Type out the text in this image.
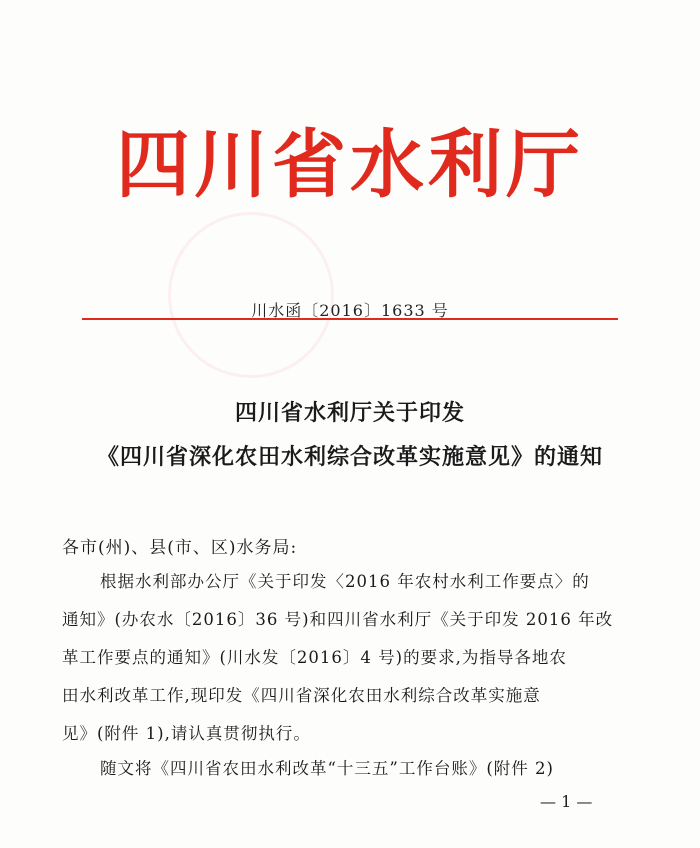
四川省水利厅
川水函〔2016〕1633 号
四川省水利厅关于印发
《四川省深化农田水利综合改革实施意见》的通知
各市(州)、县(市、区)水务局:

根据水利部办公厅《关于印发〈2016 年农村水利工作要点〉的

通知》(办农水〔2016〕36 号)和四川省水利厅《关于印发 2016 年改

革工作要点的通知》(川水发〔2016〕4 号)的要求,为指导各地农

田水利改革工作,现印发《四川省深化农田水利综合改革实施意

见》(附件 1),请认真贯彻执行。

随文将《四川省农田水利改革“十三五”工作台账》(附件 2)

— 1 —
